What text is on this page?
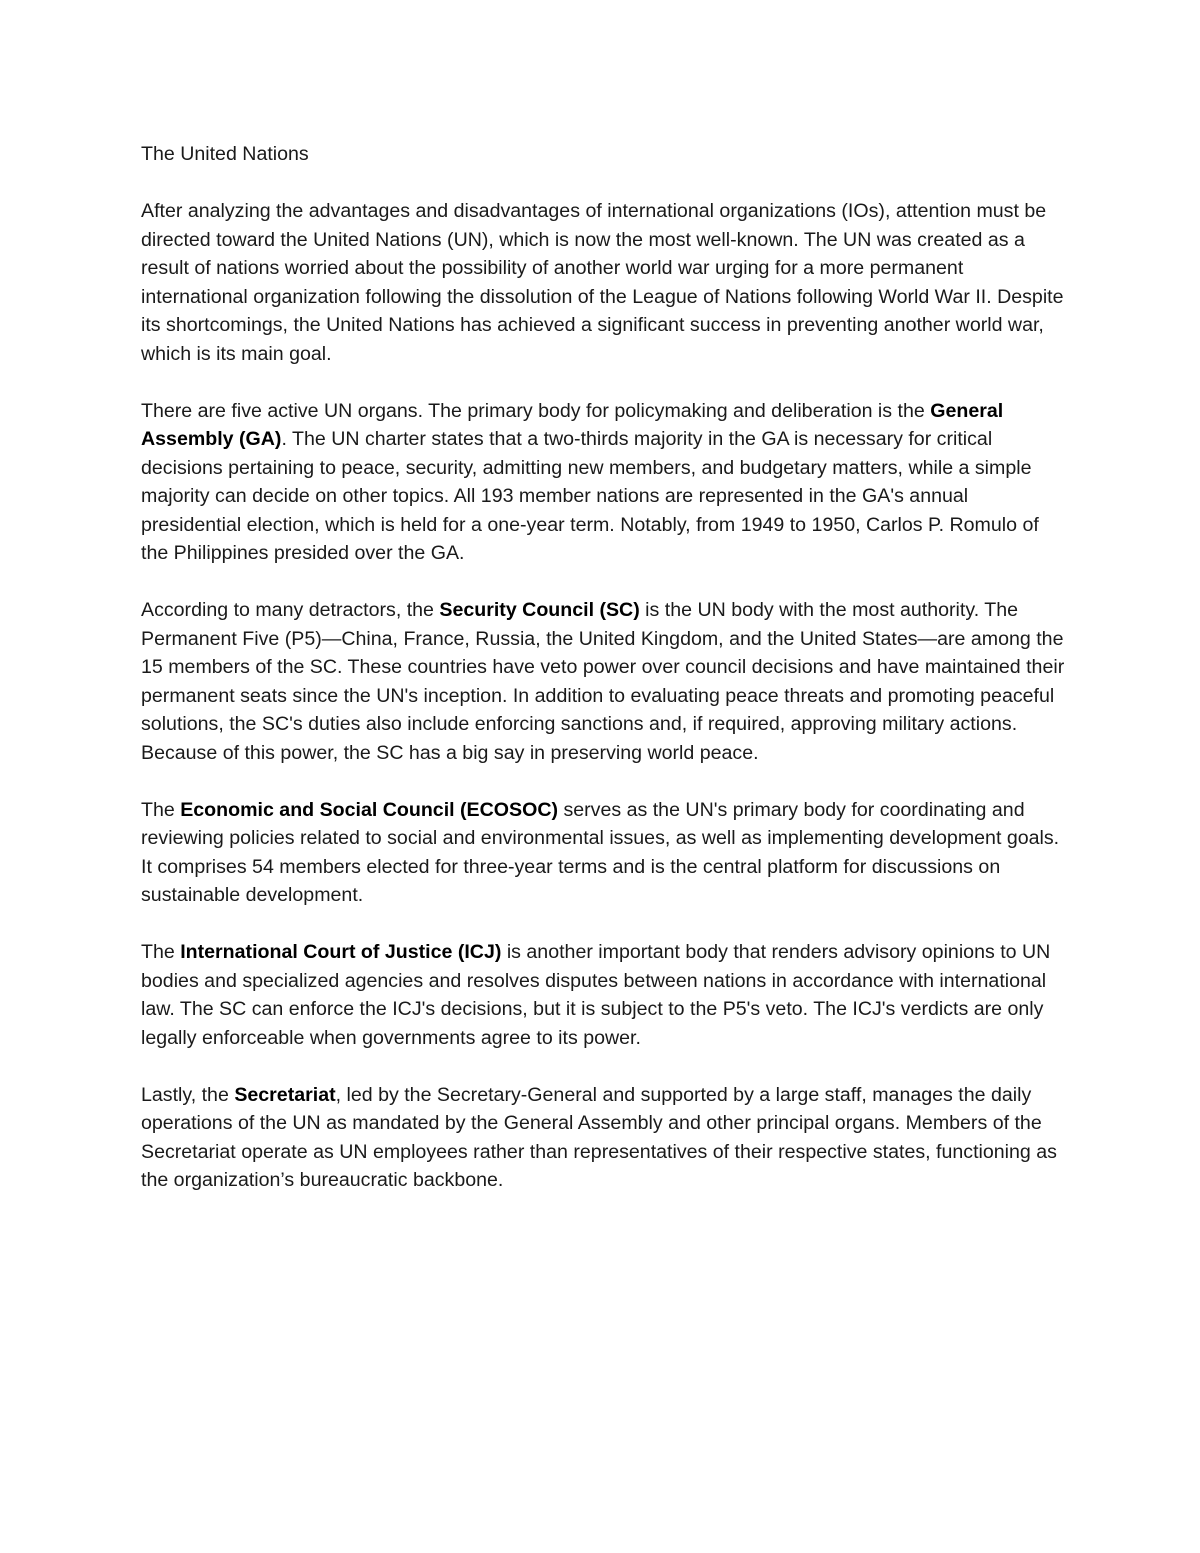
The United Nations

After analyzing the advantages and disadvantages of international organizations (IOs), attention must be directed toward the United Nations (UN), which is now the most well-known. The UN was created as a result of nations worried about the possibility of another world war urging for a more permanent international organization following the dissolution of the League of Nations following World War II. Despite its shortcomings, the United Nations has achieved a significant success in preventing another world war, which is its main goal.

There are five active UN organs. The primary body for policymaking and deliberation is the General Assembly (GA). The UN charter states that a two-thirds majority in the GA is necessary for critical decisions pertaining to peace, security, admitting new members, and budgetary matters, while a simple majority can decide on other topics. All 193 member nations are represented in the GA's annual presidential election, which is held for a one-year term. Notably, from 1949 to 1950, Carlos P. Romulo of the Philippines presided over the GA.

According to many detractors, the Security Council (SC) is the UN body with the most authority. The Permanent Five (P5)—China, France, Russia, the United Kingdom, and the United States—are among the 15 members of the SC. These countries have veto power over council decisions and have maintained their permanent seats since the UN's inception. In addition to evaluating peace threats and promoting peaceful solutions, the SC's duties also include enforcing sanctions and, if required, approving military actions. Because of this power, the SC has a big say in preserving world peace.

The Economic and Social Council (ECOSOC) serves as the UN's primary body for coordinating and reviewing policies related to social and environmental issues, as well as implementing development goals. It comprises 54 members elected for three-year terms and is the central platform for discussions on sustainable development.

The International Court of Justice (ICJ) is another important body that renders advisory opinions to UN bodies and specialized agencies and resolves disputes between nations in accordance with international law. The SC can enforce the ICJ's decisions, but it is subject to the P5's veto. The ICJ's verdicts are only legally enforceable when governments agree to its power.

Lastly, the Secretariat, led by the Secretary-General and supported by a large staff, manages the daily operations of the UN as mandated by the General Assembly and other principal organs. Members of the Secretariat operate as UN employees rather than representatives of their respective states, functioning as the organization’s bureaucratic backbone.
